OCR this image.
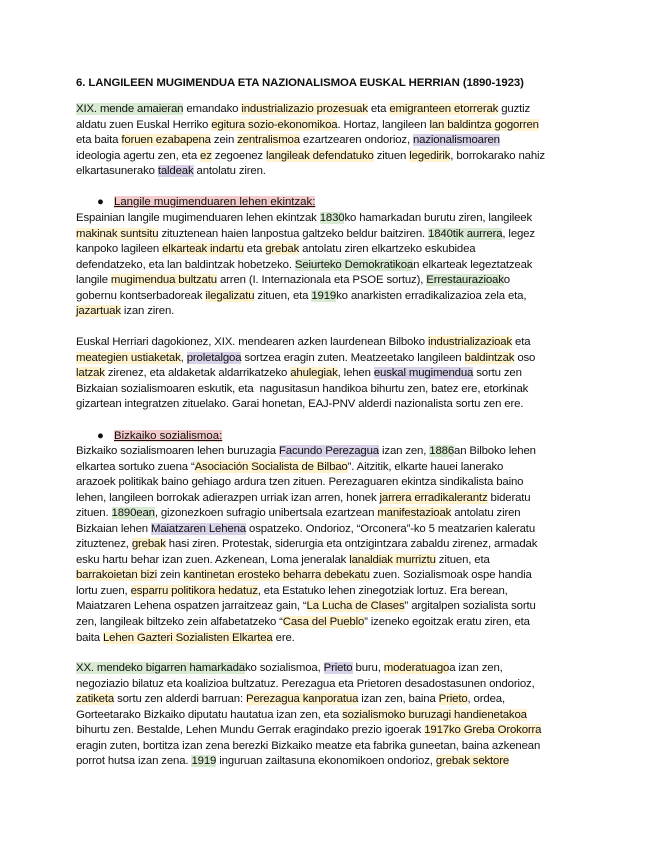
6. LANGILEEN MUGIMENDUA ETA NAZIONALISMOA EUSKAL HERRIAN (1890-1923)
XIX. mende amaieran emandako industrializazio prozesuak eta emigranteen etorrerak guztiz
aldatu zuen Euskal Herriko egitura sozio-ekonomikoa. Hortaz, langileen lan baldintza gogorren
eta baita foruen ezabapena zein zentralismoa ezartzearen ondorioz, nazionalismoaren
ideologia agertu zen, eta ez zegoenez langileak defendatuko zituen legedirik, borrokarako nahiz
elkartasunerako taldeak antolatu ziren.
● Langile mugimenduaren lehen ekintzak:
Espainian langile mugimenduaren lehen ekintzak 1830ko hamarkadan burutu ziren, langileek
makinak suntsitu zituztenean haien lanpostua galtzeko beldur baitziren. 1840tik aurrera, legez
kanpoko lagileen elkarteak indartu eta grebak antolatu ziren elkartzeko eskubidea
defendatzeko, eta lan baldintzak hobetzeko. Seiurteko Demokratikoan elkarteak legeztatzeak
langile mugimendua bultzatu arren (I. Internazionala eta PSOE sortuz), Errestaurazioako
gobernu kontserbadoreak ilegalizatu zituen, eta 1919ko anarkisten erradikalizazioa zela eta,
jazartuak izan ziren.
Euskal Herriari dagokionez, XIX. mendearen azken laurdenean Bilboko industrializazioak eta
meategien ustiaketak, proletalgoa sortzea eragin zuten. Meatzeetako langileen baldintzak oso
latzak zirenez, eta aldaketak aldarrikatzeko ahulegiak, lehen euskal mugimendua sortu zen
Bizkaian sozialismoaren eskutik, eta  nagusitasun handikoa bihurtu zen, batez ere, etorkinak
gizartean integratzen zituelako. Garai honetan, EAJ-PNV alderdi nazionalista sortu zen ere.
● Bizkaiko sozialismoa:
Bizkaiko sozialismoaren lehen buruzagia Facundo Perezagua izan zen, 1886an Bilboko lehen
elkartea sortuko zuena “Asociación Socialista de Bilbao”. Aitzitik, elkarte hauei lanerako
arazoek politikak baino gehiago ardura tzen zituen. Perezaguaren ekintza sindikalista baino
lehen, langileen borrokak adierazpen urriak izan arren, honek jarrera erradikalerantz bideratu
zituen. 1890ean, gizonezkoen sufragio unibertsala ezartzean manifestazioak antolatu ziren
Bizkaian lehen Maiatzaren Lehena ospatzeko. Ondorioz, “Orconera”-ko 5 meatzarien kaleratu
zituztenez, grebak hasi ziren. Protestak, siderurgia eta ontzigintzara zabaldu zirenez, armadak
esku hartu behar izan zuen. Azkenean, Loma jeneralak lanaldiak murriztu zituen, eta
barrakoietan bizi zein kantinetan erosteko beharra debekatu zuen. Sozialismoak ospe handia
lortu zuen, esparru politikora hedatuz, eta Estatuko lehen zinegotziak lortuz. Era berean,
Maiatzaren Lehena ospatzen jarraitzeaz gain, “La Lucha de Clases” argitalpen sozialista sortu
zen, langileak biltzeko zein alfabetatzeko “Casa del Pueblo” izeneko egoitzak eratu ziren, eta
baita Lehen Gazteri Sozialisten Elkartea ere.
XX. mendeko bigarren hamarkadako sozialismoa, Prieto buru, moderatuagoa izan zen,
negoziazio bilatuz eta koalizioa bultzatuz. Perezagua eta Prietoren desadostasunen ondorioz,
zatiketa sortu zen alderdi barruan: Perezagua kanporatua izan zen, baina Prieto, ordea,
Gorteetarako Bizkaiko diputatu hautatua izan zen, eta sozialismoko buruzagi handienetakoa
bihurtu zen. Bestalde, Lehen Mundu Gerrak eragindako prezio igoerak 1917ko Greba Orokorra
eragin zuten, bortitza izan zena berezki Bizkaiko meatze eta fabrika guneetan, baina azkenean
porrot hutsa izan zena. 1919 inguruan zailtasuna ekonomikoen ondorioz, grebak sektore
